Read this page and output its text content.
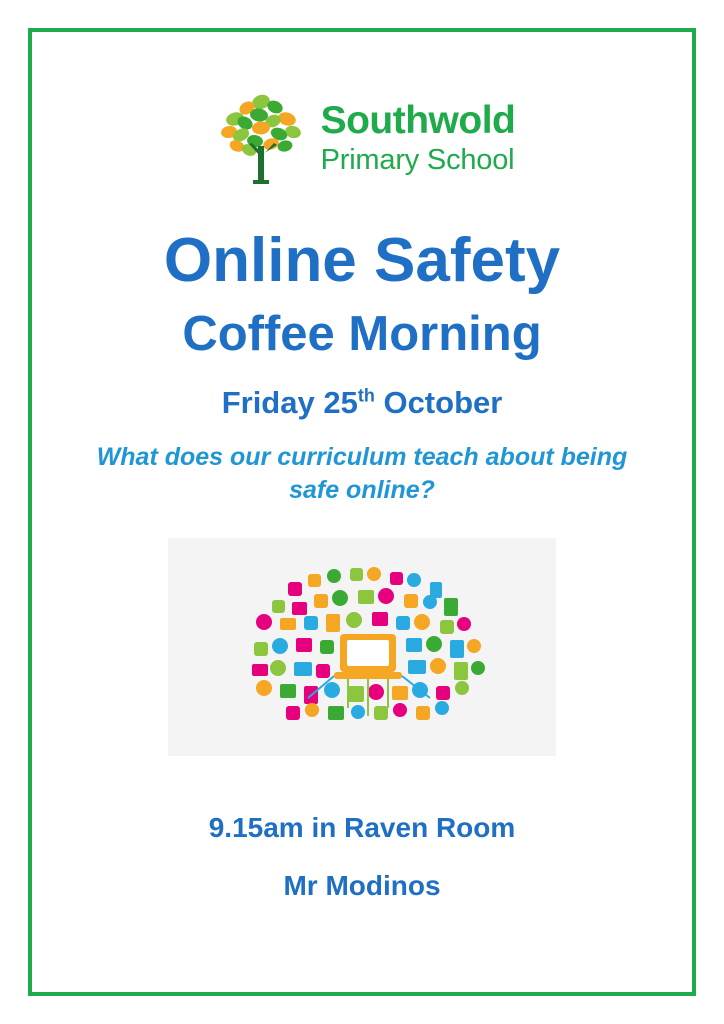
Southwold
Primary School
Online Safety
Coffee Morning
Friday 25th October
What does our curriculum teach about being safe online?
9.15am in Raven Room
Mr Modinos
